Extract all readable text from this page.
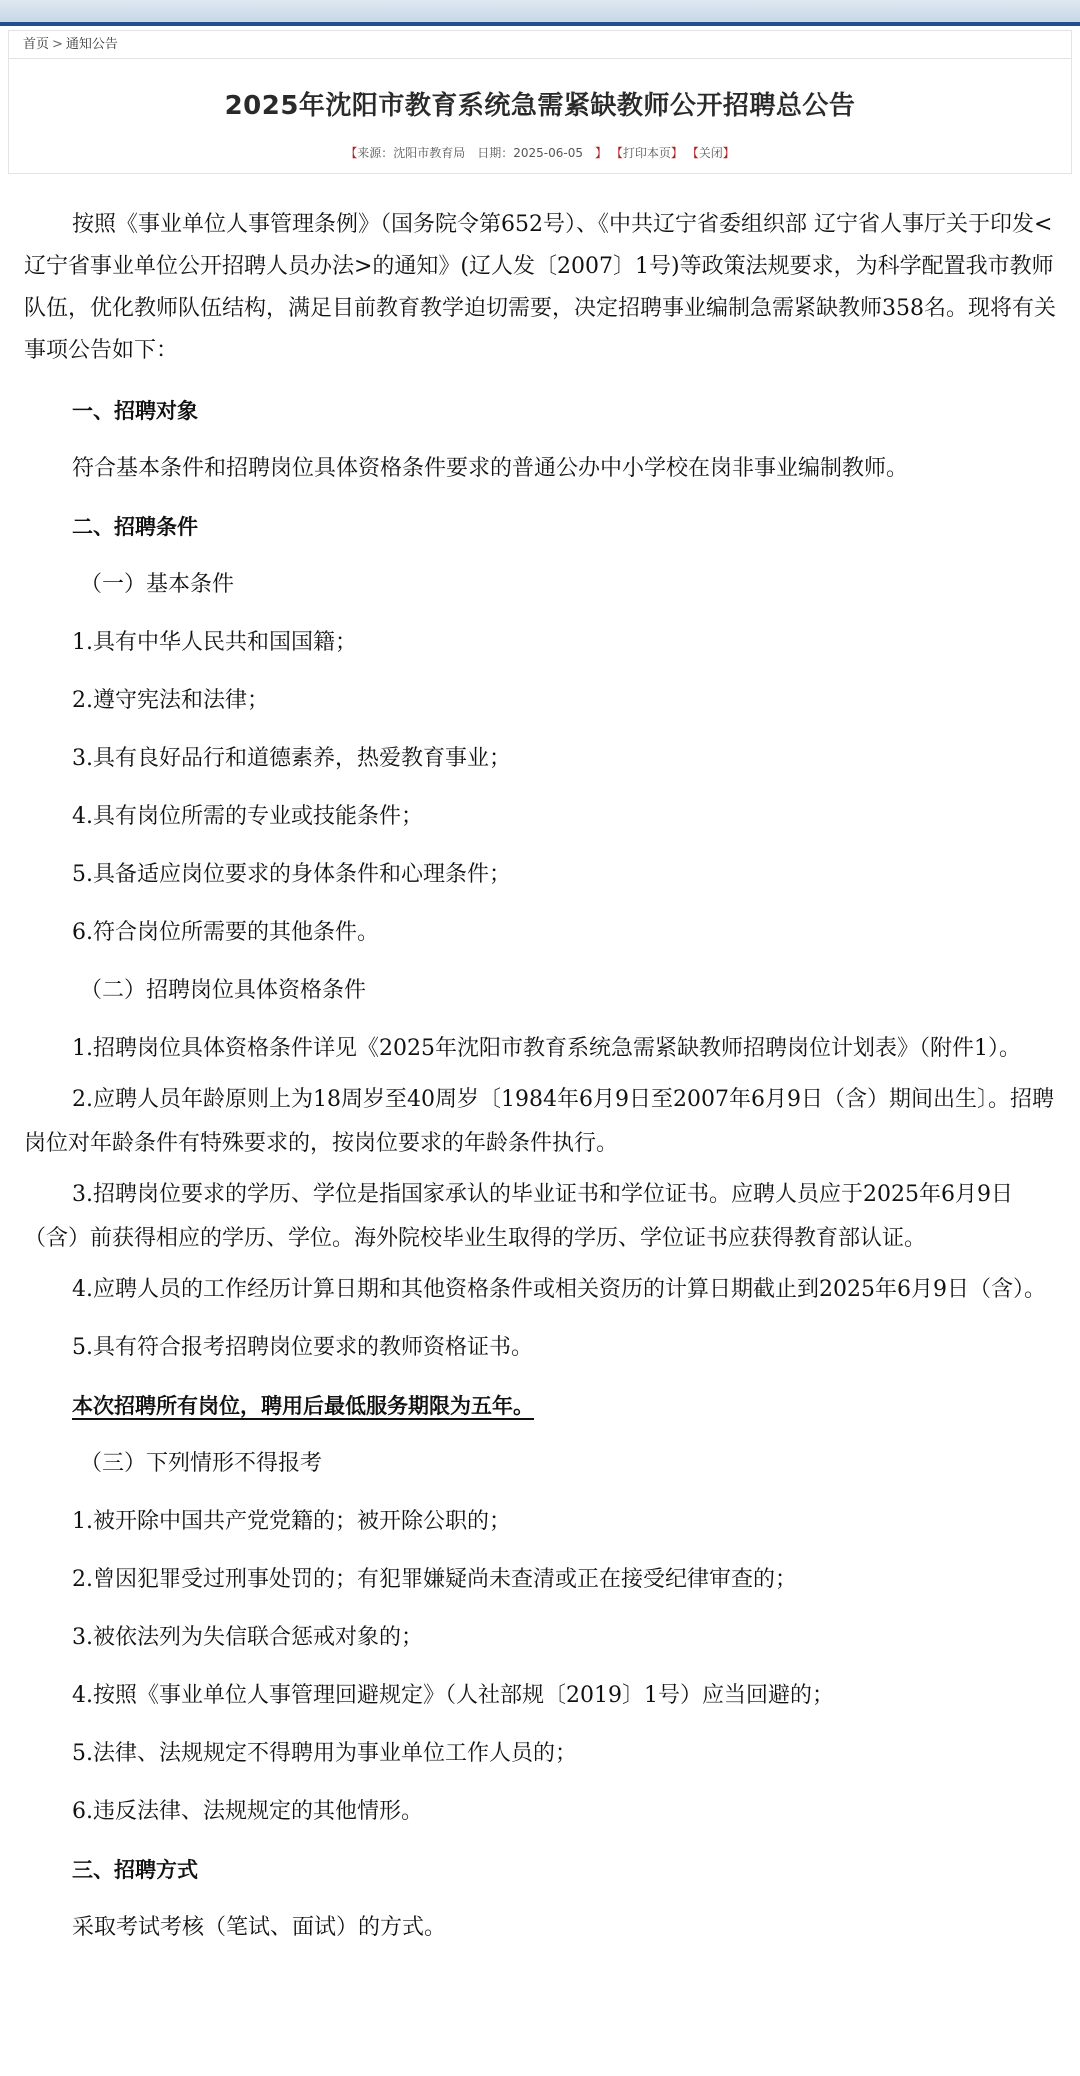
首页 > 通知公告
2025年沈阳市教育系统急需紧缺教师公开招聘总公告
【来源：沈阳市教育局 日期：2025-06-05 】 【打印本页】 【关闭】

按照《事业单位人事管理条例》（国务院令第652号）、《中共辽宁省委组织部 辽宁省人事厅关于印发<辽宁省事业单位公开招聘人员办法>的通知》(辽人发〔2007〕1号)等政策法规要求，为科学配置我市教师队伍，优化教师队伍结构，满足目前教育教学迫切需要，决定招聘事业编制急需紧缺教师358名。现将有关事项公告如下：

一、招聘对象

符合基本条件和招聘岗位具体资格条件要求的普通公办中小学校在岗非事业编制教师。

二、招聘条件

（一）基本条件

1.具有中华人民共和国国籍；

2.遵守宪法和法律；

3.具有良好品行和道德素养，热爱教育事业；

4.具有岗位所需的专业或技能条件；

5.具备适应岗位要求的身体条件和心理条件；

6.符合岗位所需要的其他条件。

（二）招聘岗位具体资格条件

1.招聘岗位具体资格条件详见《2025年沈阳市教育系统急需紧缺教师招聘岗位计划表》（附件1）。

2.应聘人员年龄原则上为18周岁至40周岁〔1984年6月9日至2007年6月9日（含）期间出生〕。招聘岗位对年龄条件有特殊要求的，按岗位要求的年龄条件执行。

3.招聘岗位要求的学历、学位是指国家承认的毕业证书和学位证书。应聘人员应于2025年6月9日（含）前获得相应的学历、学位。海外院校毕业生取得的学历、学位证书应获得教育部认证。

4.应聘人员的工作经历计算日期和其他资格条件或相关资历的计算日期截止到2025年6月9日（含）。

5.具有符合报考招聘岗位要求的教师资格证书。

本次招聘所有岗位，聘用后最低服务期限为五年。

（三）下列情形不得报考

1.被开除中国共产党党籍的；被开除公职的；

2.曾因犯罪受过刑事处罚的；有犯罪嫌疑尚未查清或正在接受纪律审查的；

3.被依法列为失信联合惩戒对象的；

4.按照《事业单位人事管理回避规定》（人社部规〔2019〕1号）应当回避的；

5.法律、法规规定不得聘用为事业单位工作人员的；

6.违反法律、法规规定的其他情形。

三、招聘方式

采取考试考核（笔试、面试）的方式。
